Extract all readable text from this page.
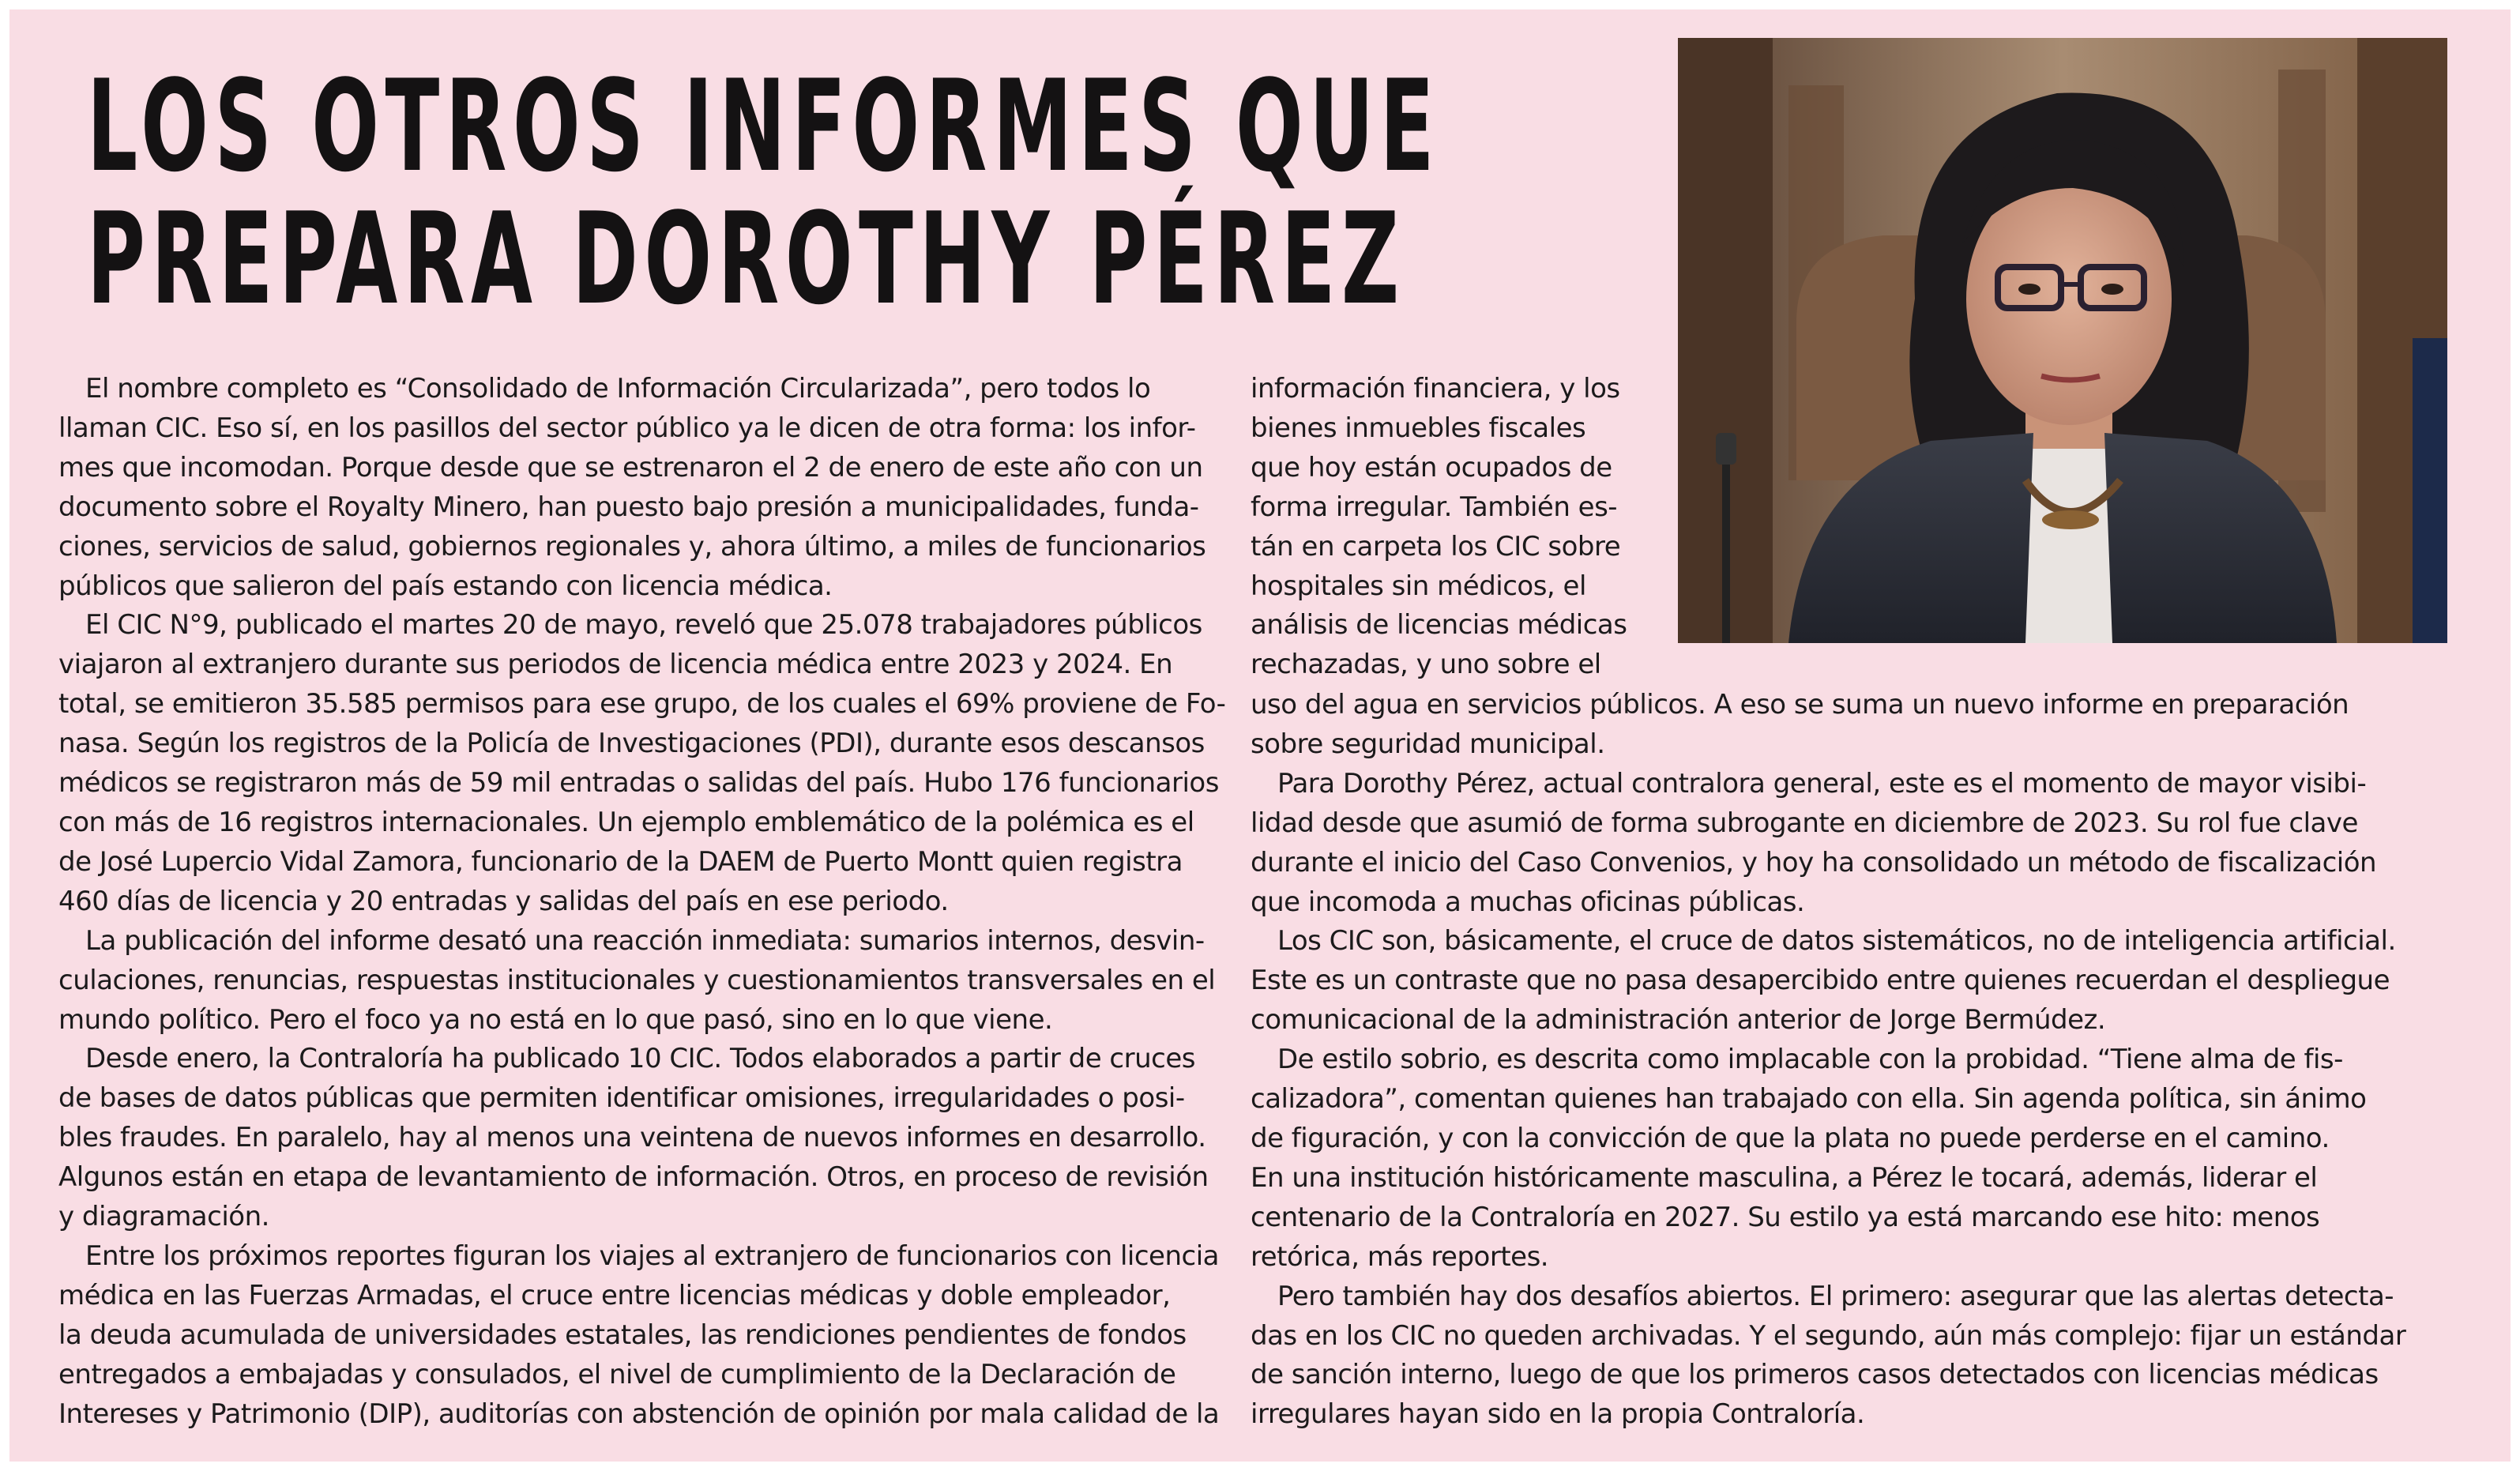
LOS OTROS INFORMES QUE
PREPARA DOROTHY PÉREZ

El nombre completo es “Consolidado de Información Circularizada”, pero todos lo
llaman CIC. Eso sí, en los pasillos del sector público ya le dicen de otra forma: los infor-
mes que incomodan. Porque desde que se estrenaron el 2 de enero de este año con un
documento sobre el Royalty Minero, han puesto bajo presión a municipalidades, funda-
ciones, servicios de salud, gobiernos regionales y, ahora último, a miles de funcionarios
públicos que salieron del país estando con licencia médica.

El CIC N°9, publicado el martes 20 de mayo, reveló que 25.078 trabajadores públicos
viajaron al extranjero durante sus periodos de licencia médica entre 2023 y 2024. En
total, se emitieron 35.585 permisos para ese grupo, de los cuales el 69% proviene de Fo-
nasa. Según los registros de la Policía de Investigaciones (PDI), durante esos descansos
médicos se registraron más de 59 mil entradas o salidas del país. Hubo 176 funcionarios
con más de 16 registros internacionales. Un ejemplo emblemático de la polémica es el
de José Lupercio Vidal Zamora, funcionario de la DAEM de Puerto Montt quien registra
460 días de licencia y 20 entradas y salidas del país en ese periodo.

La publicación del informe desató una reacción inmediata: sumarios internos, desvin-
culaciones, renuncias, respuestas institucionales y cuestionamientos transversales en el
mundo político. Pero el foco ya no está en lo que pasó, sino en lo que viene.

Desde enero, la Contraloría ha publicado 10 CIC. Todos elaborados a partir de cruces
de bases de datos públicas que permiten identificar omisiones, irregularidades o posi-
bles fraudes. En paralelo, hay al menos una veintena de nuevos informes en desarrollo.
Algunos están en etapa de levantamiento de información. Otros, en proceso de revisión
y diagramación.

Entre los próximos reportes figuran los viajes al extranjero de funcionarios con licencia
médica en las Fuerzas Armadas, el cruce entre licencias médicas y doble empleador,
la deuda acumulada de universidades estatales, las rendiciones pendientes de fondos
entregados a embajadas y consulados, el nivel de cumplimiento de la Declaración de
Intereses y Patrimonio (DIP), auditorías con abstención de opinión por mala calidad de la

información financiera, y los
bienes inmuebles fiscales
que hoy están ocupados de
forma irregular. También es-
tán en carpeta los CIC sobre
hospitales sin médicos, el
análisis de licencias médicas
rechazadas, y uno sobre el

uso del agua en servicios públicos. A eso se suma un nuevo informe en preparación
sobre seguridad municipal.

Para Dorothy Pérez, actual contralora general, este es el momento de mayor visibi-
lidad desde que asumió de forma subrogante en diciembre de 2023. Su rol fue clave
durante el inicio del Caso Convenios, y hoy ha consolidado un método de fiscalización
que incomoda a muchas oficinas públicas.

Los CIC son, básicamente, el cruce de datos sistemáticos, no de inteligencia artificial.
Este es un contraste que no pasa desapercibido entre quienes recuerdan el despliegue
comunicacional de la administración anterior de Jorge Bermúdez.

De estilo sobrio, es descrita como implacable con la probidad. “Tiene alma de fis-
calizadora”, comentan quienes han trabajado con ella. Sin agenda política, sin ánimo
de figuración, y con la convicción de que la plata no puede perderse en el camino.
En una institución históricamente masculina, a Pérez le tocará, además, liderar el
centenario de la Contraloría en 2027. Su estilo ya está marcando ese hito: menos
retórica, más reportes.

Pero también hay dos desafíos abiertos. El primero: asegurar que las alertas detecta-
das en los CIC no queden archivadas. Y el segundo, aún más complejo: fijar un estándar
de sanción interno, luego de que los primeros casos detectados con licencias médicas
irregulares hayan sido en la propia Contraloría.
